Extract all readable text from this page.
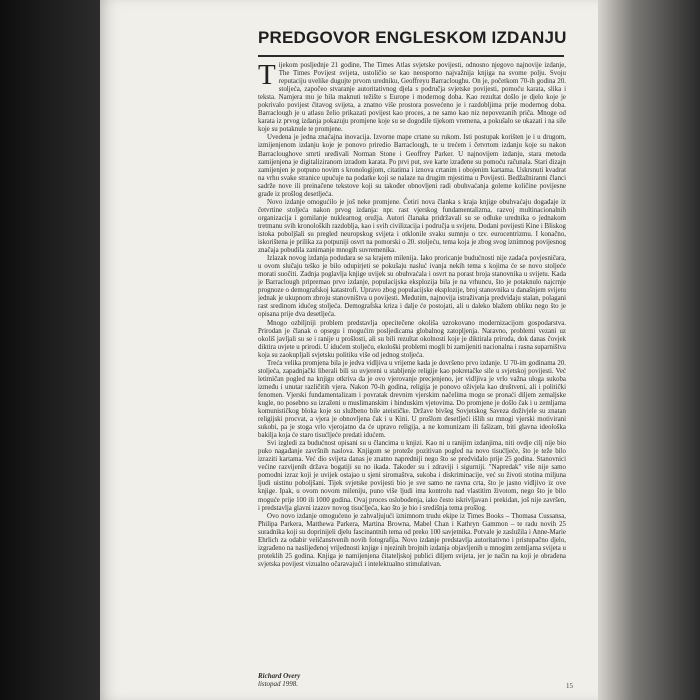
PREDGOVOR ENGLESKOM IZDANJU

Tijekom posljednje 21 godine, The Times Atlas svjetske povijesti, odnosno njegovo najnovije izdanje, The Times Povijest svijeta, ustoličio se kao neosporno najvažnija knjiga na svome polju. Svoju reputaciju uvelike dugujte prvom uredniku, Geoffreyu Barracloughu. On je, početkom 70-ih godina 20. stoljeća, započeo stvaranje autoritativnog djela s područja svjetske povijesti, pomoću karata, slika i teksta. Namjera mu je bila maknuti težište s Europe i modernog doba. Kao rezultat došlo je djelo koje je pokrivalo povijest čitavog svijeta, a znatno više prostora posvećeno je i razdobljima prije modernog doba. Barraclough je u atlasu želio prikazati povijest kao proces, a ne samo kao niz nepovezanih priča. Mnoge od karata iz prvog izdanja pokazuju promjene koje su se dogodile tijekom vremena, a pokušalo se ukazati i na sile koje su potaknule te promjene.

Uvedena je jedna značajna inovacija. Izvorne mape crtane su rukom. Isti postupak korišten je i u drugom, izmijenjenom izdanju koje je ponovo priredio Barraclough, te u trećem i četvrtom izdanju koje su nakon Barracloughove smrti uređivali Norman Stone i Geoffrey Parker. U najnovijem izdanju, stara metoda zamijenjena je digitaliziranom izradom karata. Po prvi put, sve karte izrađene su pomoću računala. Stari dizajn zamijenjen je potpuno novim s kronologijom, citatima i iznova crtanim i obojenim kartama. Uskrsnuti kvadrat na vrhu svake stranice upućuje na podatke koji se nalaze na drugim mjestima u Povijesti. Bedžažniranni članci sadrže nove ili preinačene tekstove koji su također obnovljeni radi obuhvaćanja golemе količine povijesne građe iz prošlog desetljeća.

Novo izdanje omogućilo je još neke promjene. Četiri nova članka s kraja knjige obuhvaćaju događaje iz četvrtine stoljeća nakon prvog izdanja: npr. rast vjerskog fundamentalizma, razvoj multinacionalnih organizacija i gomilanje nuklearnog oružja. Autori članaka pridržavali su se odluke urednika o jednakom tretmanu svih kronoloških razdoblja, kao i svih civilizacija i područja u svijetu. Dodani povijesti Kine i Bliskog istoka poboljšali su pregled neuropskog svijeta i otklonile svaku sumnju o tzv. eurocentrizmu. I konačno, iskorištena je prilika za potpuniji osvrt na pomorski o 20. stoljeću, tema koja je zbog svog iznimnog povijesnog značaja pobudila zanimanje mnogih suvremenika.

Izlazak novog izdanja podudara se sa krajem milenija. Iako proricanje budućnosti nije zadaća povjesničara, u ovom slučaju teško je bilo odupirjeti se pokušaju nasluć ivanja nekih tema s kojima će se novo stoljeće morati suočiti. Zadnja poglavlja knjige uvijek su obuhvaćala i osvrt na porast broja stanovnika u svijetu. Kada je Barraclough pripremao prvo izdanje, populacijska eksplozija bila je na vrhuncu, što je potaknulo najcrnje prognoze o demografskoj katastrofi. Upravo zbog populacijske eksplozije, broj stanovnika u današnjem svijetu jednak je ukupnom zbroju stanovništva u povijesti. Međutim, najnovija istraživanja predviđaju stalan, polagani rast sredinom idućeg stoljeća. Demografska kriza i dalje će postojati, ali u daleko blažem obliku nego što je opisana prije dva desetljeća.

Mnogo ozbiljniji problem predstavlja opecitečene okoliša uzrokovano modernizacijom gospodarstva. Prirodan je članak o opsegu i mogućim posljedicama globalnog zatopljenja. Naravno, problemi vezani uz okoliš javljali su se i ranije u prošlosti, ali su bili rezultat okolnosti koje je diktirala priroda, dok danas čovjek diktira uvjete u prirodi. U idućem stoljeću, ekološki problemi mogli bi zamijeniti nacionalna i rasna suparništva koja su zaokupljali svjetsku politiku više od jednog stoljeća.

Treća velika promjena bila je jedva vidljiva u vrijeme kada je dovršeno prvo izdanje. U 70-im godinama 20. stoljeća, zapadnjački liberali bili su uvjereni u stabljenje religije kao pokretačke sile u svjetskoj povijesti. Već letimičan pogled na knjigu otkriva da je ovo vjerovanje precjenjeno, jer vidljiva je vrlo važna uloga sukoba između i unutar različitih vjera. Nakon 70-ih godina, religija je ponovo oživjela kao društveni, ali i politički fenomen. Vjerski fundamentalizam i povratak drevnim vjerskim načelima mogu se pronaći diljem zemaljske kugle, no posebno su izraženi u muslimanskim i hinduskim vjetovima. Do promjene je došlo čak i u zemljama komunističkog bloka koje su službeno bile ateističke. Države bivšeg Sovjetskog Saveza doživjele su znatan religijski procvat, a vjera je obnovljena čak i u Kini. U prošlom desetljeći išlih su mnogi vjerski motivirani sukobi, pa je stoga vrlo vjerojatno da će upravo religija, a ne komunizam ili fašizam, biti glavna ideološka bakilja koja će staro tisućljeće predati idućem.

Svi izgledi za budućnost opisani su u člancima u knjizi. Kao ni u ranijim izdanjima, niti ovdje cilj nije bio puko nagađanje završnih naslova. Knjigom se proteže pozitivan pogled na novo tisućljeće, što je teže bilo izraziti kartama. Već dio svijeta danas je znatno napredniji nego što se predviđalo prije 25 godina. Stanovnici većine razvijenih država bogatiji su no ikada. Također su i zdraviji i sigurniji. "Napredak" više nije samo pomodni izraz koji je uvijek ostajao u sjeni siromaštva, sukoba i diskriminacije, već su životi stotina miljuna ljudi uistinu poboljšani. Tijek svjetske povijesti bio je sve samo ne ravna crta, što je jasno vidljivo iz ove knjige. Ipak, u ovom novom mileniju, puno više ljudi ima kontrolu nad vlastitim životom, nego što je bilo moguće prije 100 ili 1000 godina. Ovaj proces oslobođenja, iako često iskrivljavan i prekidan, još nije završen, i predstavlja glavni izazov novog tisućljeća, kao što je bio i središnja tema prošlog.

Ovo novo izdanje omogućeno je zahvaljujući iznimnom trudu ekipe iz Times Books – Thomasa Cussansa, Philipa Parkera, Matthewa Parkera, Martina Browna, Mabel Chan i Kathryn Gammon – te radu novih 25 suradnika koji su doprinijeli djelu fascinantnih tema od preko 100 savjetnika. Potvale je zaslužila i Anne-Marie Ehrlich za odabir veličanstvenih novih fotografija. Novo izdanje predstavlja autoritativno i pristupačno djelo, izgrađeno na naslijeđenoj vrijednosti knjige i njezinih brojnih izdanja objavljenih u mnogim zemljama svijeta u proteklih 25 godina. Knjiga je namijenjena čitateljskoj publici diljem svijeta, jer je način na koji je obrađena svjetska povijest vizualno očaravajući i intelektualno stimulativan.

Richard Overy
listopad 1998.	15
